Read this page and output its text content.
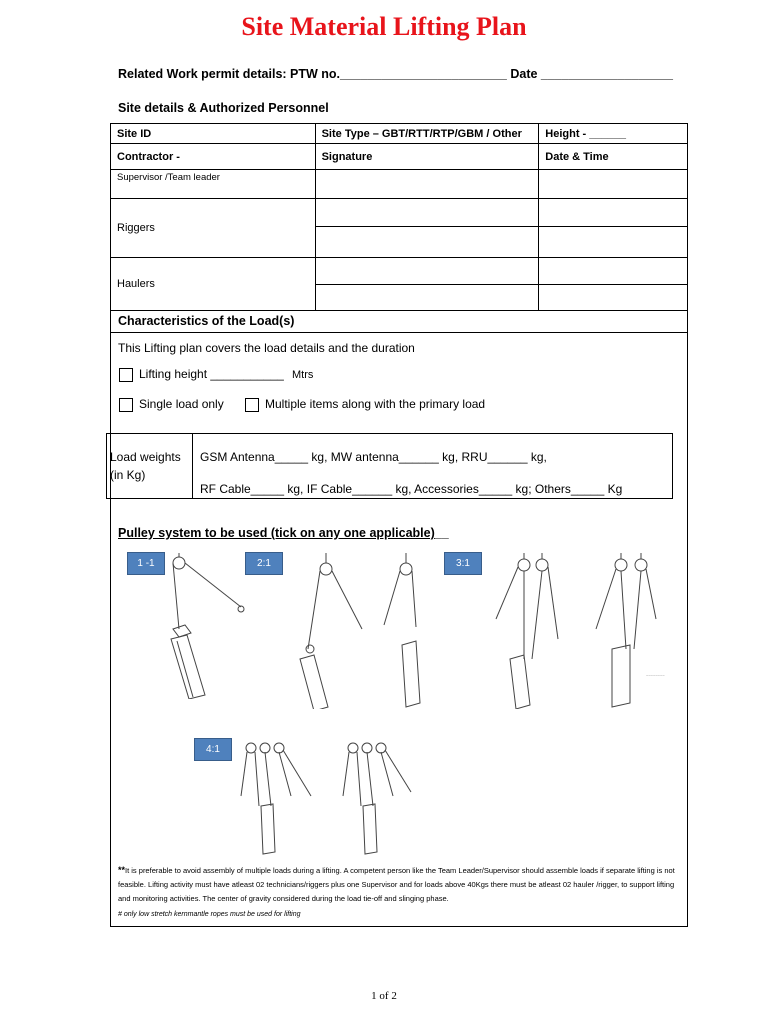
Site Material Lifting Plan
Related Work permit details: PTW no.________________________ Date ___________________
Site details & Authorized Personnel
Site ID	Site Type – GBT/RTT/RTP/GBM / Other	Height - ______
Contractor -	Signature	Date & Time
Supervisor /Team leader		
Riggers		

Haulers		

Characteristics of the Load(s)
This Lifting plan covers the load details and the duration
Lifting height ___________ Mtrs
Single load only	Multiple items along with the primary load
Load weights
(in Kg)
GSM Antenna_____ kg, MW antenna______ kg, RRU______ kg,
RF Cable_____ kg, IF Cable______ kg, Accessories_____ kg; Others_____ Kg
Pulley system to be used (tick on any one applicable)__
1 -1	2:1	3:1
4:1
~~~~~~~~
**It is preferable to avoid assembly of multiple loads during a lifting. A competent person like the Team Leader/Supervisor should assemble loads if separate lifting is not feasible. Lifting activity must have atleast 02 technicians/riggers plus one Supervisor and for loads above 40Kgs there must be atleast 02 hauler /rigger, to support lifting and monitoring activities. The center of gravity considered during the load tie-off and slinging phase.
# only low stretch kernmantle ropes must be used for lifting
1 of 2
